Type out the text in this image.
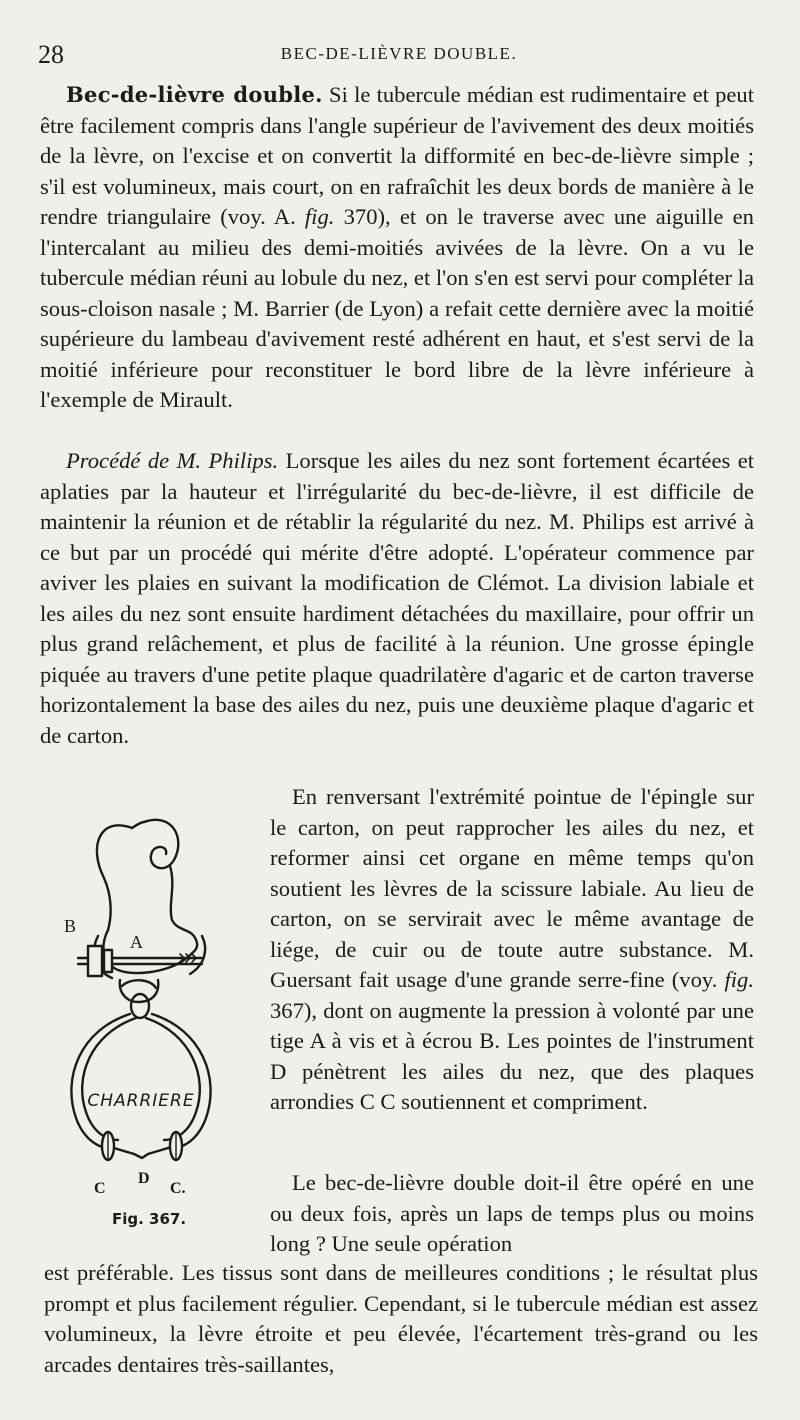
28	BEC-DE-LIÈVRE DOUBLE.

Bec-de-lièvre double. Si le tubercule médian est rudimentaire et peut être facilement compris dans l'angle supérieur de l'avivement des deux moitiés de la lèvre, on l'excise et on convertit la difformité en bec-de-lièvre simple ; s'il est volumineux, mais court, on en rafraîchit les deux bords de manière à le rendre triangulaire (voy. A. fig. 370), et on le traverse avec une aiguille en l'intercalant au milieu des demi-moitiés avivées de la lèvre. On a vu le tubercule médian réuni au lobule du nez, et l'on s'en est servi pour compléter la sous-cloison nasale ; M. Barrier (de Lyon) a refait cette dernière avec la moitié supérieure du lambeau d'avivement resté adhérent en haut, et s'est servi de la moitié inférieure pour reconstituer le bord libre de la lèvre inférieure à l'exemple de Mirault.

Procédé de M. Philips. Lorsque les ailes du nez sont fortement écartées et aplaties par la hauteur et l'irrégularité du bec-de-lièvre, il est difficile de maintenir la réunion et de rétablir la régularité du nez. M. Philips est arrivé à ce but par un procédé qui mérite d'être adopté. L'opérateur commence par aviver les plaies en suivant la modification de Clémot. La division labiale et les ailes du nez sont ensuite hardiment détachées du maxillaire, pour offrir un plus grand relâchement, et plus de facilité à la réunion. Une grosse épingle piquée au travers d'une petite plaque quadrilatère d'agaric et de carton traverse horizontalement la base des ailes du nez, puis une deuxième plaque d'agaric et de carton.

En renversant l'extrémité pointue de l'épingle sur le carton, on peut rapprocher les ailes du nez, et reformer ainsi cet organe en même temps qu'on soutient les lèvres de la scissure labiale. Au lieu de carton, on se servirait avec le même avantage de liége, de cuir ou de toute autre substance. M. Guersant fait usage d'une grande serre-fine (voy. fig. 367), dont on augmente la pression à volonté par une tige A à vis et à écrou B. Les pointes de l'instrument D pénètrent les ailes du nez, que des plaques arrondies C C soutiennent et compriment.

Le bec-de-lièvre double doit-il être opéré en une ou deux fois, après un laps de temps plus ou moins long ? Une seule opération

est préférable. Les tissus sont dans de meilleures conditions ; le résultat plus prompt et plus facilement régulier. Cependant, si le tubercule médian est assez volumineux, la lèvre étroite et peu élevée, l'écartement très-grand ou les arcades dentaires très-saillantes,

B
A
D
C	C.
CHARRIERE
Fig. 367.
